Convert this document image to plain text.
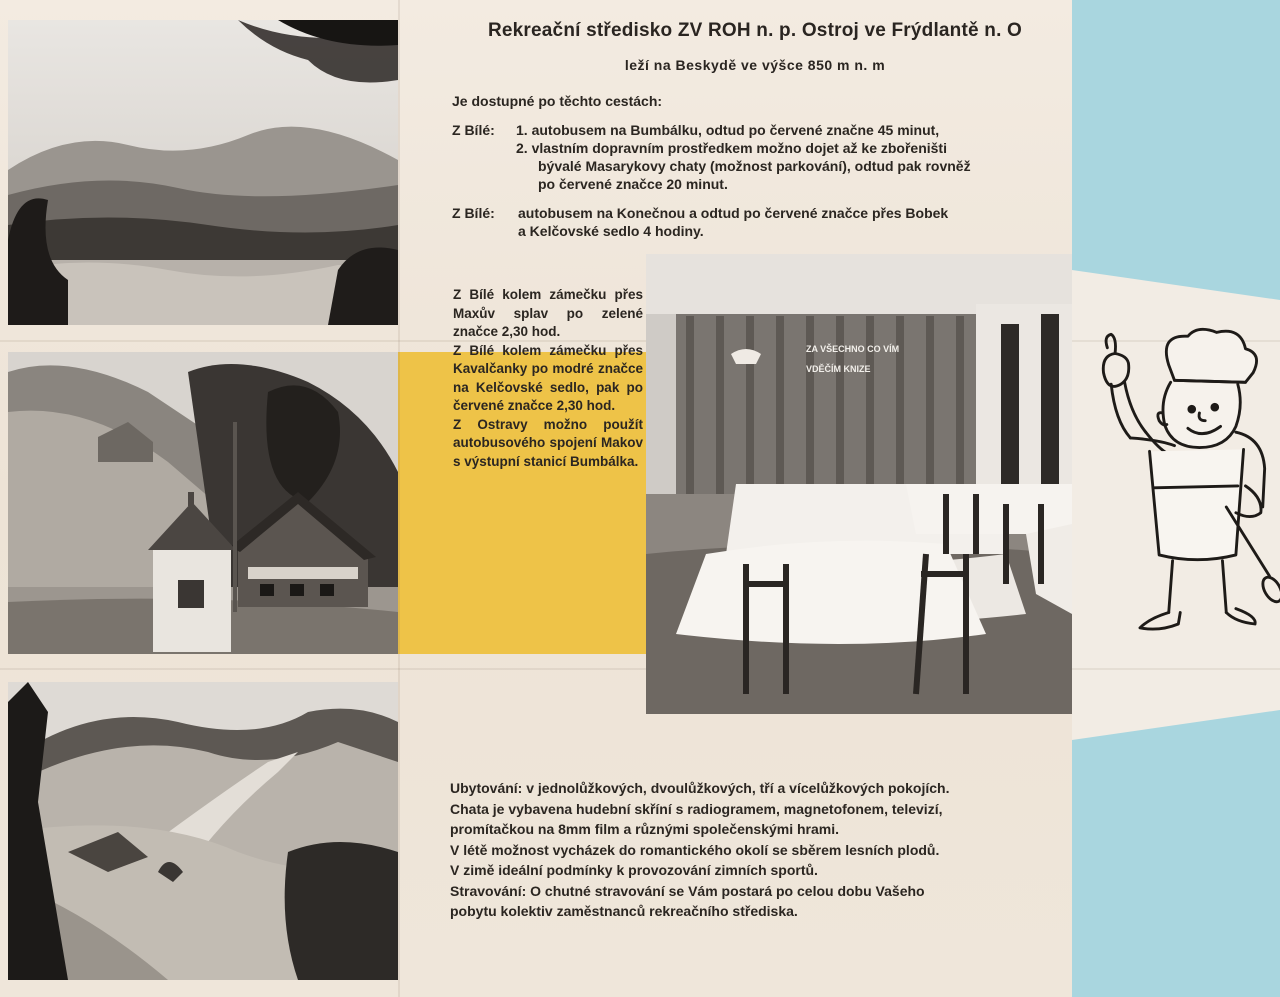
ZA VŠECHNO CO VÍM
VDĚČÍM KNIZE
Rekreační středisko ZV ROH n. p. Ostroj ve Frýdlantě n. O
leží na Beskydě ve výšce 850 m n. m
Je dostupné po těchto cestách:
Z Bílé: 1. autobusem na Bumbálku, odtud po červené značne 45 minut,
2. vlastním dopravním prostředkem možno dojet až ke zbořeništi
bývalé Masarykovy chaty (možnost parkování), odtud pak rovněž
po červené značce 20 minut.
Z Bílé: autobusem na Konečnou a odtud po červené značce přes Bobek
a Kelčovské sedlo 4 hodiny.

Z Bílé kolem zámečku přes Maxův splav po zelené značce 2,30 hod.

Z Bílé kolem zámečku přes Kavalčanky po modré značce na Kelčovské sedlo, pak po červené značce 2,30 hod.

Z Ostravy možno použít autobusového spojení Makov s výstupní stanicí Bumbálka.

Ubytování: v jednolůžkových, dvoulůžkových, tří a vícelůžkových pokojích.

Chata je vybavena hudební skříní s radiogramem, magnetofonem, televizí,

promítačkou na 8mm film a různými společenskými hrami.

V létě možnost vycházek do romantického okolí se sběrem lesních plodů.

V zimě ideální podmínky k provozování zimních sportů.

Stravování: O chutné stravování se Vám postará po celou dobu Vašeho

pobytu kolektiv zaměstnanců rekreačního střediska.
